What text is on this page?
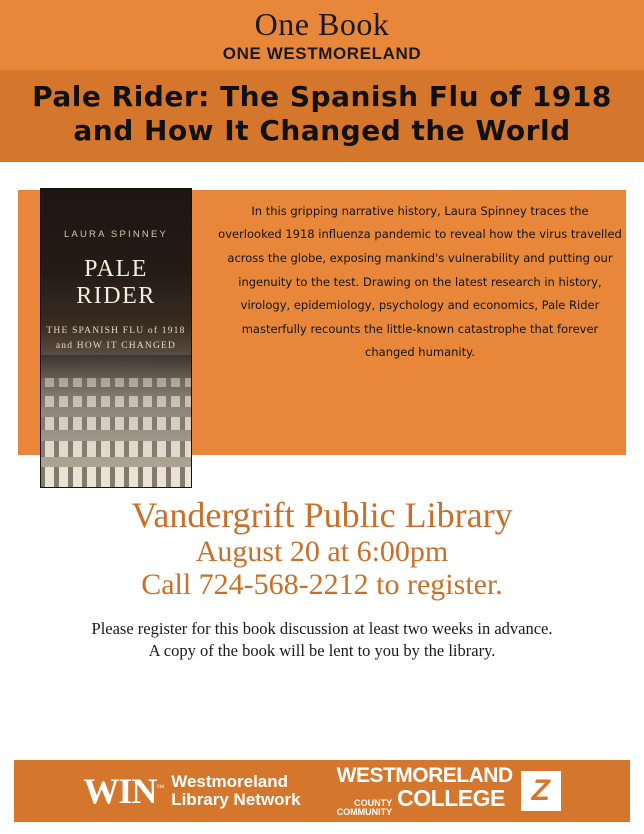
One Book
ONE WESTMORELAND
Pale Rider: The Spanish Flu of 1918
and How It Changed the World
LAURA SPINNEY
PALE RIDER
THE SPANISH FLU of 1918
and HOW IT CHANGED
In this gripping narrative history, Laura Spinney traces the overlooked 1918 influenza pandemic to reveal how the virus travelled across the globe, exposing mankind's vulnerability and putting our ingenuity to the test. Drawing on the latest research in history, virology, epidemiology, psychology and economics, Pale Rider masterfully recounts the little-known catastrophe that forever changed humanity.
Vandergrift Public Library
August 20 at 6:00pm
Call 724-568-2212 to register.
Please register for this book discussion at least two weeks in advance.
A copy of the book will be lent to you by the library.
WIN™ Westmoreland
Library Network
WESTMORELAND
COUNTY
COMMUNITY
COLLEGE Z
